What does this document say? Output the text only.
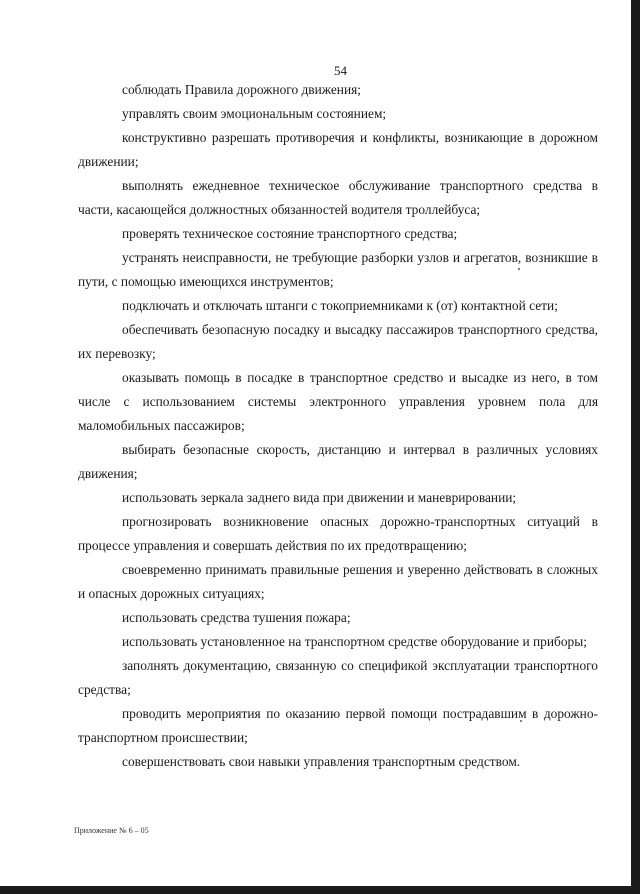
54

соблюдать Правила дорожного движения;

управлять своим эмоциональным состоянием;

конструктивно разрешать противоречия и конфликты, возникающие в дорожном движении;

выполнять ежедневное техническое обслуживание транспортного средства в части, касающейся должностных обязанностей водителя троллейбуса;

проверять техническое состояние транспортного средства;

устранять неисправности, не требующие разборки узлов и агрегатов, возникшие в пути, с помощью имеющихся инструментов;

подключать и отключать штанги с токоприемниками к (от) контактной сети;

обеспечивать безопасную посадку и высадку пассажиров транспортного средства, их перевозку;

оказывать помощь в посадке в транспортное средство и высадке из него, в том числе с использованием системы электронного управления уровнем пола для маломобильных пассажиров;

выбирать безопасные скорость, дистанцию и интервал в различных условиях движения;

использовать зеркала заднего вида при движении и маневрировании;

прогнозировать возникновение опасных дорожно-транспортных ситуаций в процессе управления и совершать действия по их предотвращению;

своевременно принимать правильные решения и уверенно действовать в сложных и опасных дорожных ситуациях;

использовать средства тушения пожара;

использовать установленное на транспортном средстве оборудование и приборы;

заполнять документацию, связанную со спецификой эксплуатации транспортного средства;

проводить мероприятия по оказанию первой помощи пострадавшим в дорожно-транспортном происшествии;

совершенствовать свои навыки управления транспортным средством.

Приложение № 6 – 05
